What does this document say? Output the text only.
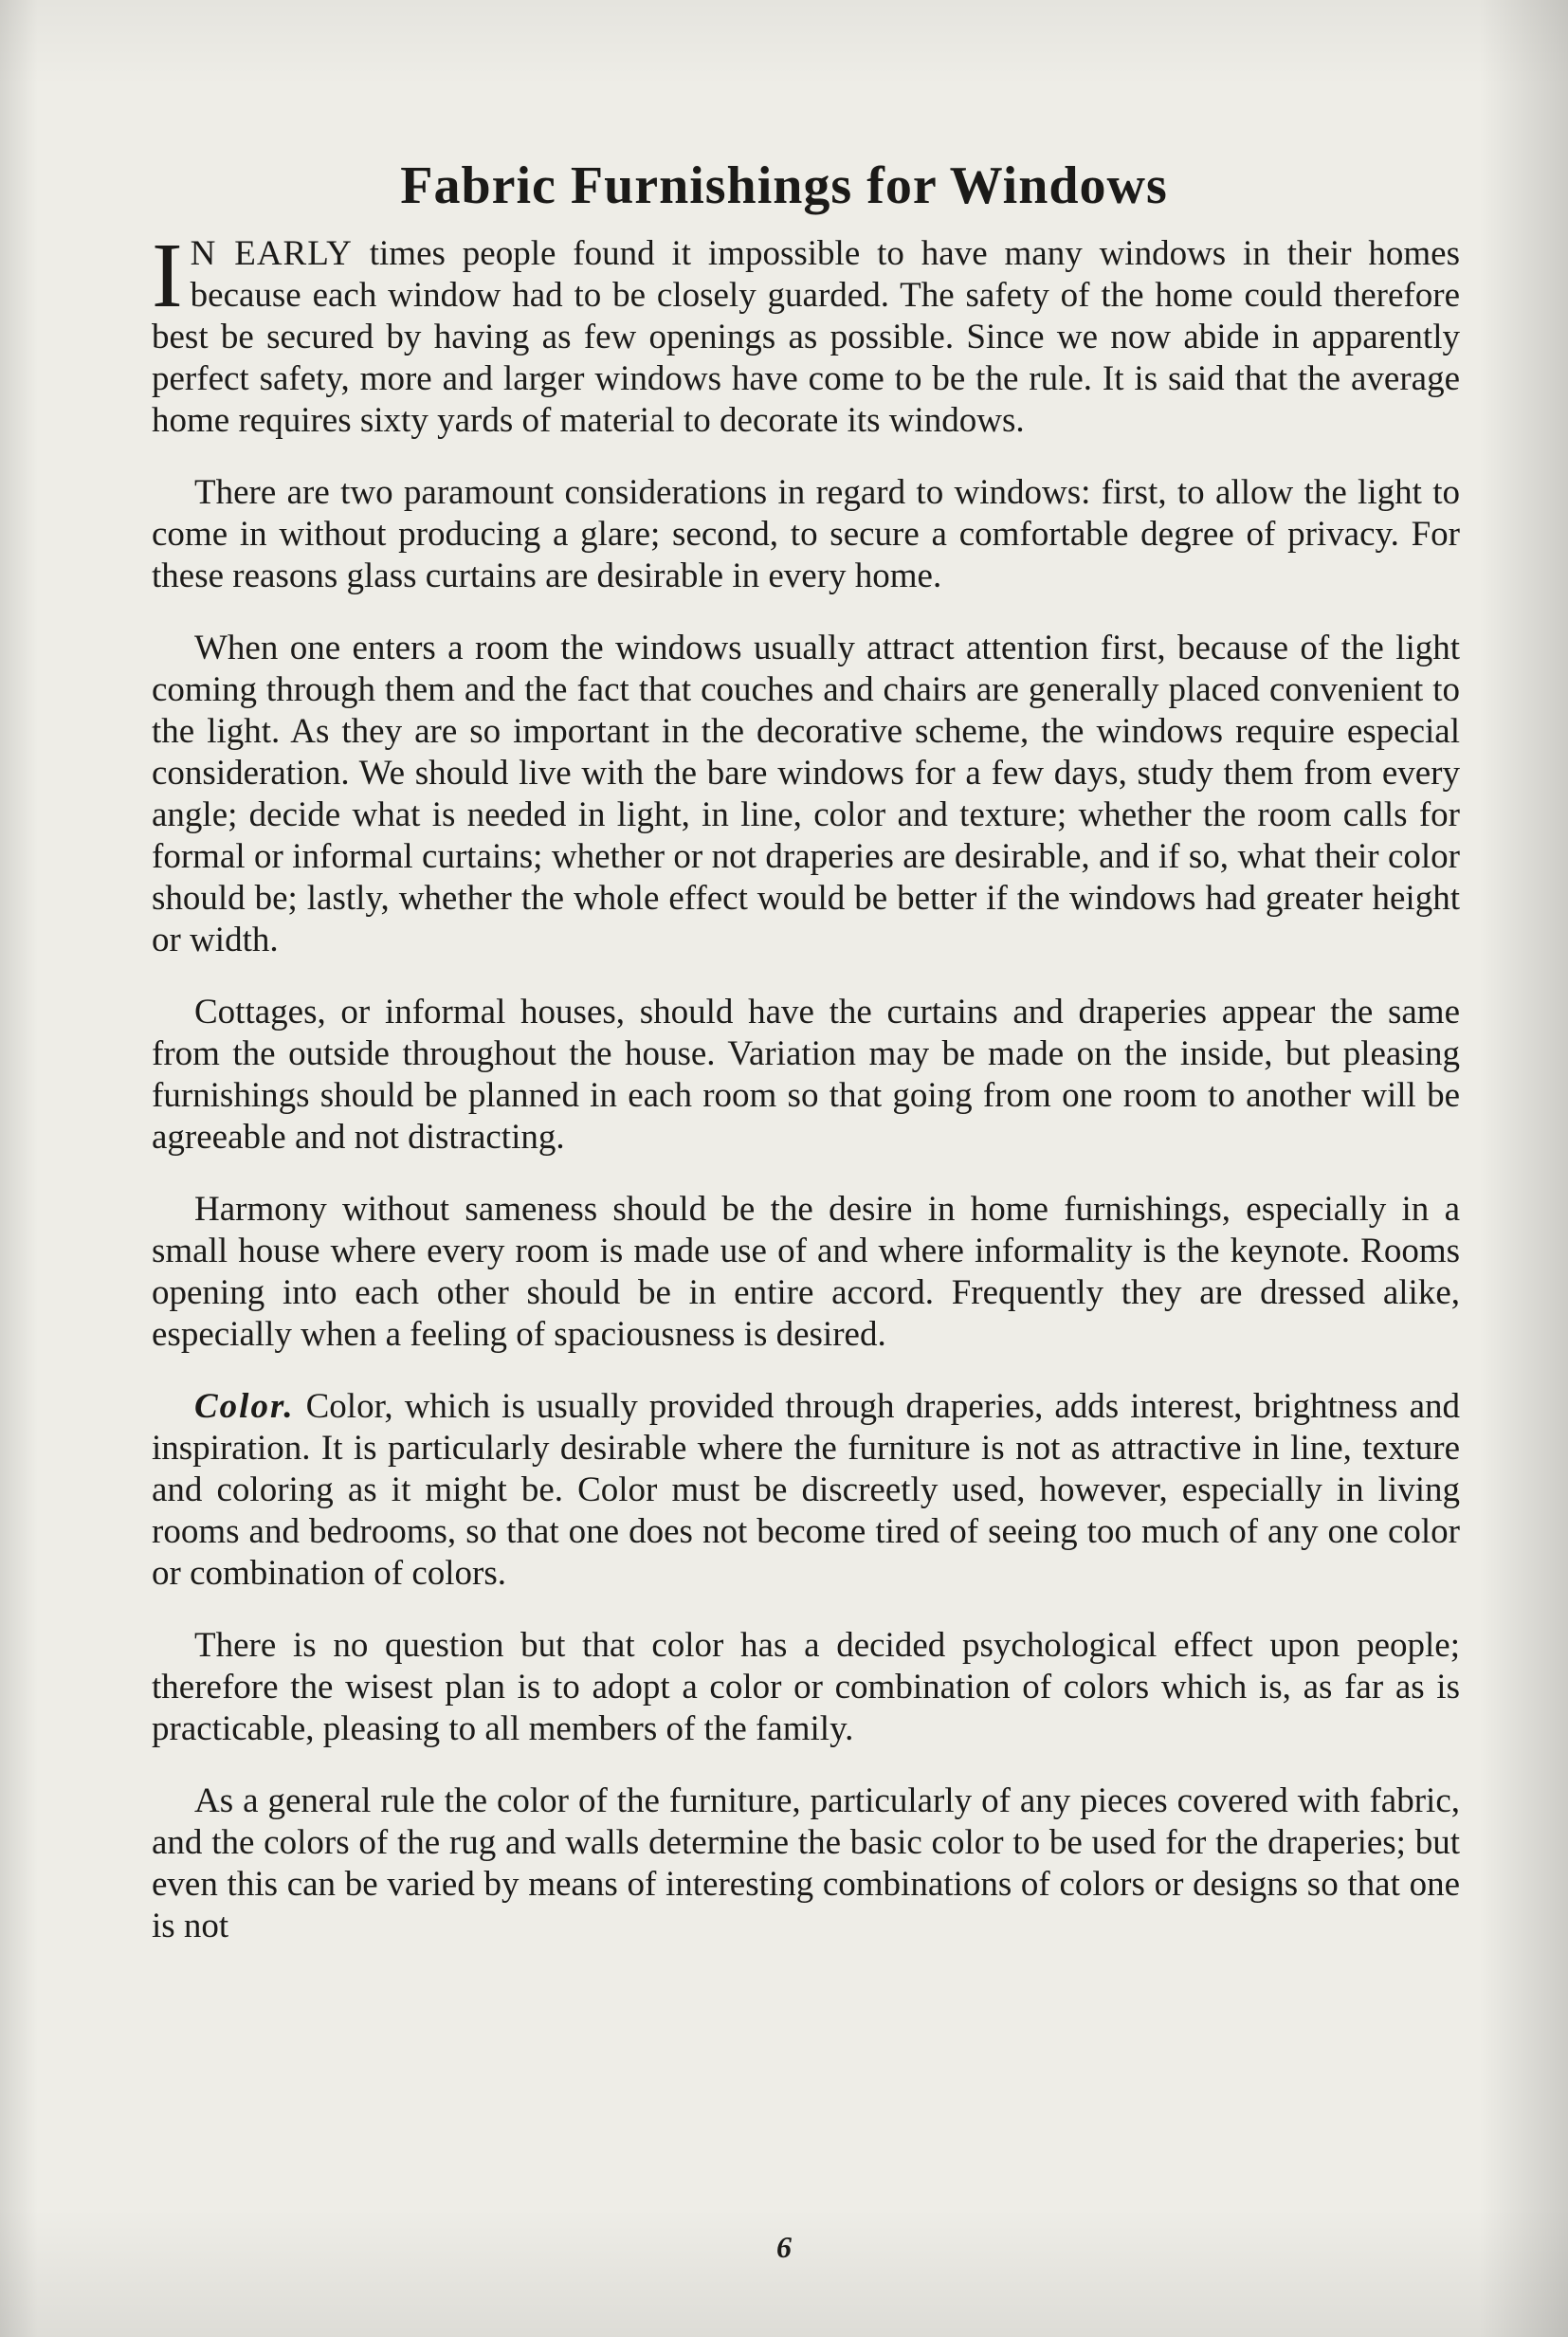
Fabric Furnishings for Windows

I N EARLY times people found it impossible to have many windows in their homes because each window had to be closely guarded. The safety of the home could therefore best be secured by having as few openings as possible. Since we now abide in apparently perfect safety, more and larger windows have come to be the rule. It is said that the average home requires sixty yards of material to decorate its windows.

There are two paramount considerations in regard to windows: first, to allow the light to come in without producing a glare; second, to secure a comfortable degree of privacy. For these reasons glass curtains are desirable in every home.

When one enters a room the windows usually attract attention first, because of the light coming through them and the fact that couches and chairs are generally placed convenient to the light. As they are so important in the decorative scheme, the windows require especial consideration. We should live with the bare windows for a few days, study them from every angle; decide what is needed in light, in line, color and texture; whether the room calls for formal or informal curtains; whether or not draperies are desirable, and if so, what their color should be; lastly, whether the whole effect would be better if the windows had greater height or width.

Cottages, or informal houses, should have the curtains and draperies appear the same from the outside throughout the house. Variation may be made on the inside, but pleasing furnishings should be planned in each room so that going from one room to another will be agreeable and not distracting.

Harmony without sameness should be the desire in home furnishings, especially in a small house where every room is made use of and where informality is the keynote. Rooms opening into each other should be in entire accord. Frequently they are dressed alike, especially when a feeling of spaciousness is desired.

Color. Color, which is usually provided through draperies, adds interest, brightness and inspiration. It is particularly desirable where the furniture is not as attractive in line, texture and coloring as it might be. Color must be discreetly used, however, especially in living rooms and bedrooms, so that one does not become tired of seeing too much of any one color or combination of colors.

There is no question but that color has a decided psychological effect upon people; therefore the wisest plan is to adopt a color or combination of colors which is, as far as is practicable, pleasing to all members of the family.

As a general rule the color of the furniture, particularly of any pieces covered with fabric, and the colors of the rug and walls determine the basic color to be used for the draperies; but even this can be varied by means of interesting combinations of colors or designs so that one is not

6
